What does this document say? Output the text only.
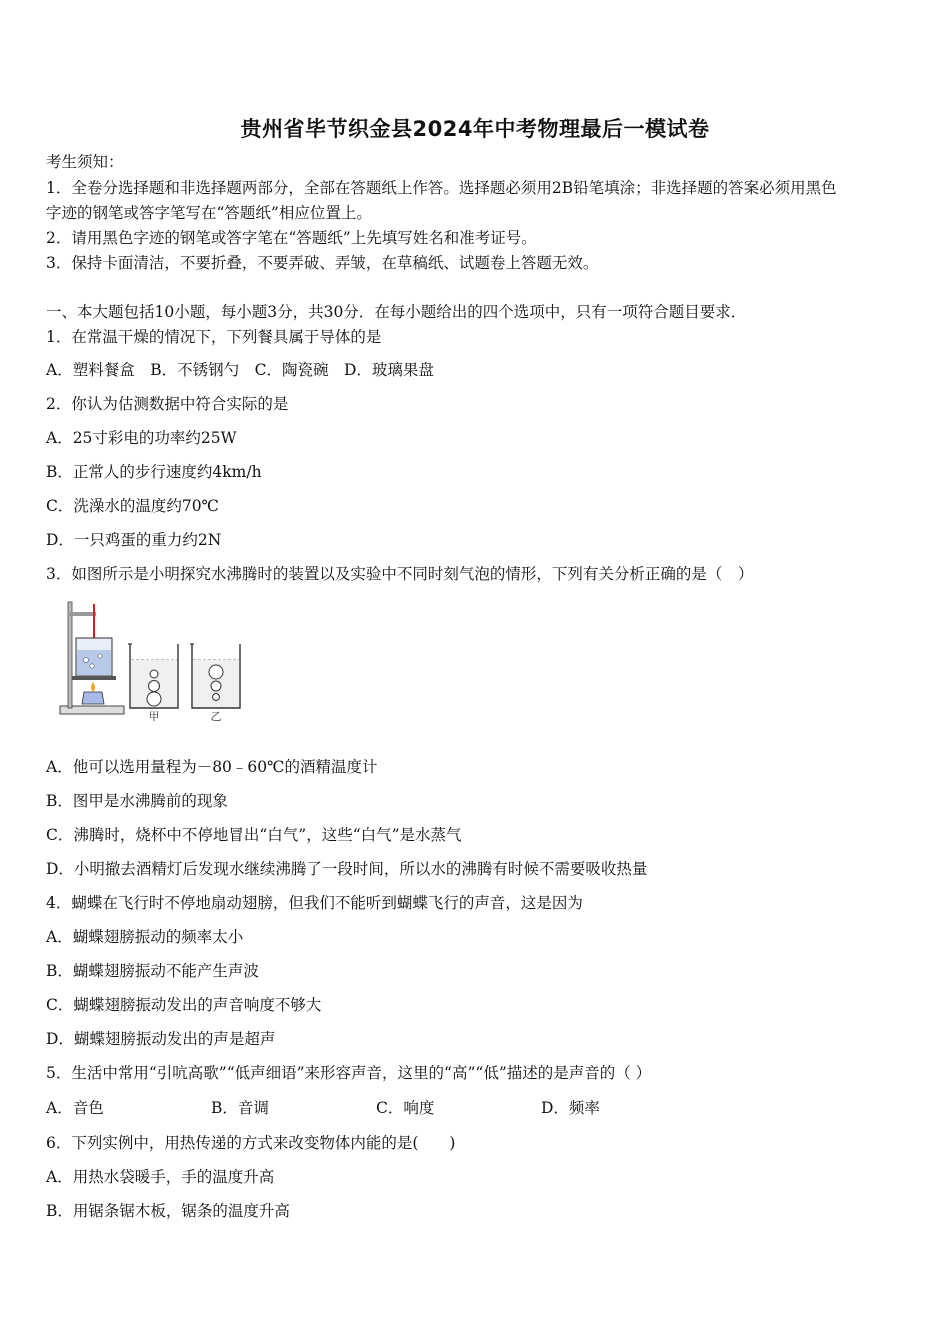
贵州省毕节织金县2024年中考物理最后一模试卷
考生须知：
1．全卷分选择题和非选择题两部分，全部在答题纸上作答。选择题必须用2B铅笔填涂；非选择题的答案必须用黑色
字迹的钢笔或答字笔写在“答题纸”相应位置上。
2．请用黑色字迹的钢笔或答字笔在“答题纸”上先填写姓名和准考证号。
3．保持卡面清洁，不要折叠，不要弄破、弄皱，在草稿纸、试题卷上答题无效。
一、本大题包括10小题，每小题3分，共30分．在每小题给出的四个选项中，只有一项符合题目要求．
1．在常温干燥的情况下，下列餐具属于导体的是
A．塑料餐盒　B．不锈钢勺　C．陶瓷碗　D．玻璃果盘
2．你认为估测数据中符合实际的是
A．25寸彩电的功率约25W
B．正常人的步行速度约4km/h
C．洗澡水的温度约70℃
D．一只鸡蛋的重力约2N
3．如图所示是小明探究水沸腾时的装置以及实验中不同时刻气泡的情形，下列有关分析正确的是（　）
甲	乙
A．他可以选用量程为－80﹣60℃的酒精温度计
B．图甲是水沸腾前的现象
C．沸腾时，烧杯中不停地冒出“白气”，这些“白气”是水蒸气
D．小明撤去酒精灯后发现水继续沸腾了一段时间，所以水的沸腾有时候不需要吸收热量
4．蝴蝶在飞行时不停地扇动翅膀，但我们不能听到蝴蝶飞行的声音，这是因为
A．蝴蝶翅膀振动的频率太小
B．蝴蝶翅膀振动不能产生声波
C．蝴蝶翅膀振动发出的声音响度不够大
D．蝴蝶翅膀振动发出的声是超声
5．生活中常用“引吭高歌”“低声细语”来形容声音，这里的“高”“低”描述的是声音的（ ）
A．音色	B．音调	C．响度	D．频率
6．下列实例中，用热传递的方式来改变物体内能的是(　　)
A．用热水袋暖手，手的温度升高
B．用锯条锯木板，锯条的温度升高
